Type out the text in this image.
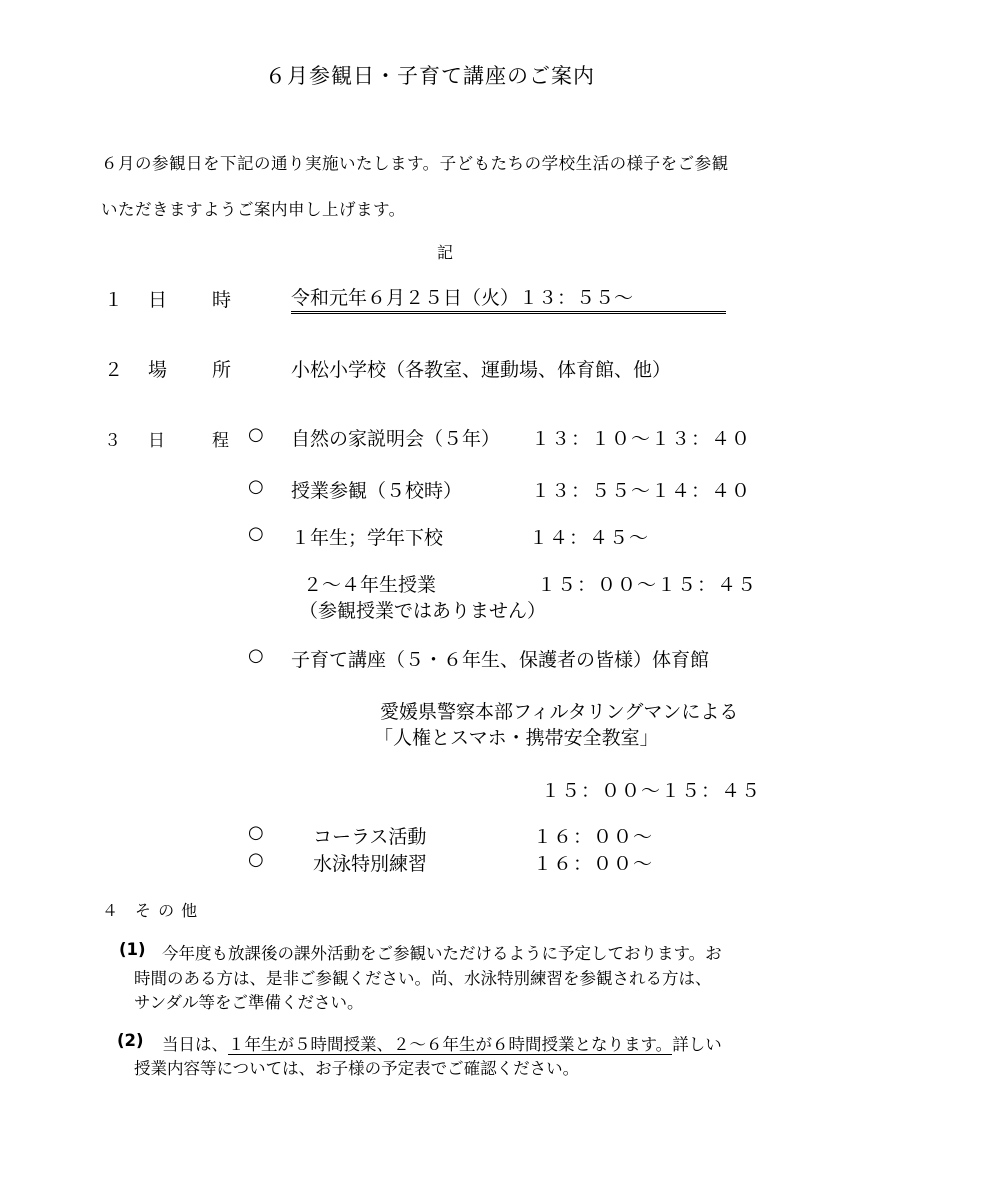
６月参観日・子育て講座のご案内
６月の参観日を下記の通り実施いたします。子どもたちの学校生活の様子をご参観
いただきますようご案内申し上げます。
記
１ 日 時	令和元年６月２５日（火）１３：５５〜
２ 場 所	小松小学校（各教室、運動場、体育館、他）
３ 日	程 ○ 自然の家説明会（５年） １３：１０〜１３：４０
○ 授業参観（５校時）	１３：５５〜１４：４０
○ １年生；学年下校	１４：４５〜
２〜４年生授業	１５：００〜１５：４５
（参観授業ではありません）
○ 子育て講座（５・６年生、保護者の皆様）体育館
愛媛県警察本部フィルタリングマンによる
「人権とスマホ・携帯安全教室」
１５：００〜１５：４５
○	コーラス活動	１６：００〜
○	水泳特別練習	１６：００〜
４ そ の 他
(1) 今年度も放課後の課外活動をご参観いただけるように予定しております。お
時間のある方は、是非ご参観ください。尚、水泳特別練習を参観される方は、
サンダル等をご準備ください。
(2) 当日は、１年生が５時間授業、２〜６年生が６時間授業となります。詳しい
授業内容等については、お子様の予定表でご確認ください。
